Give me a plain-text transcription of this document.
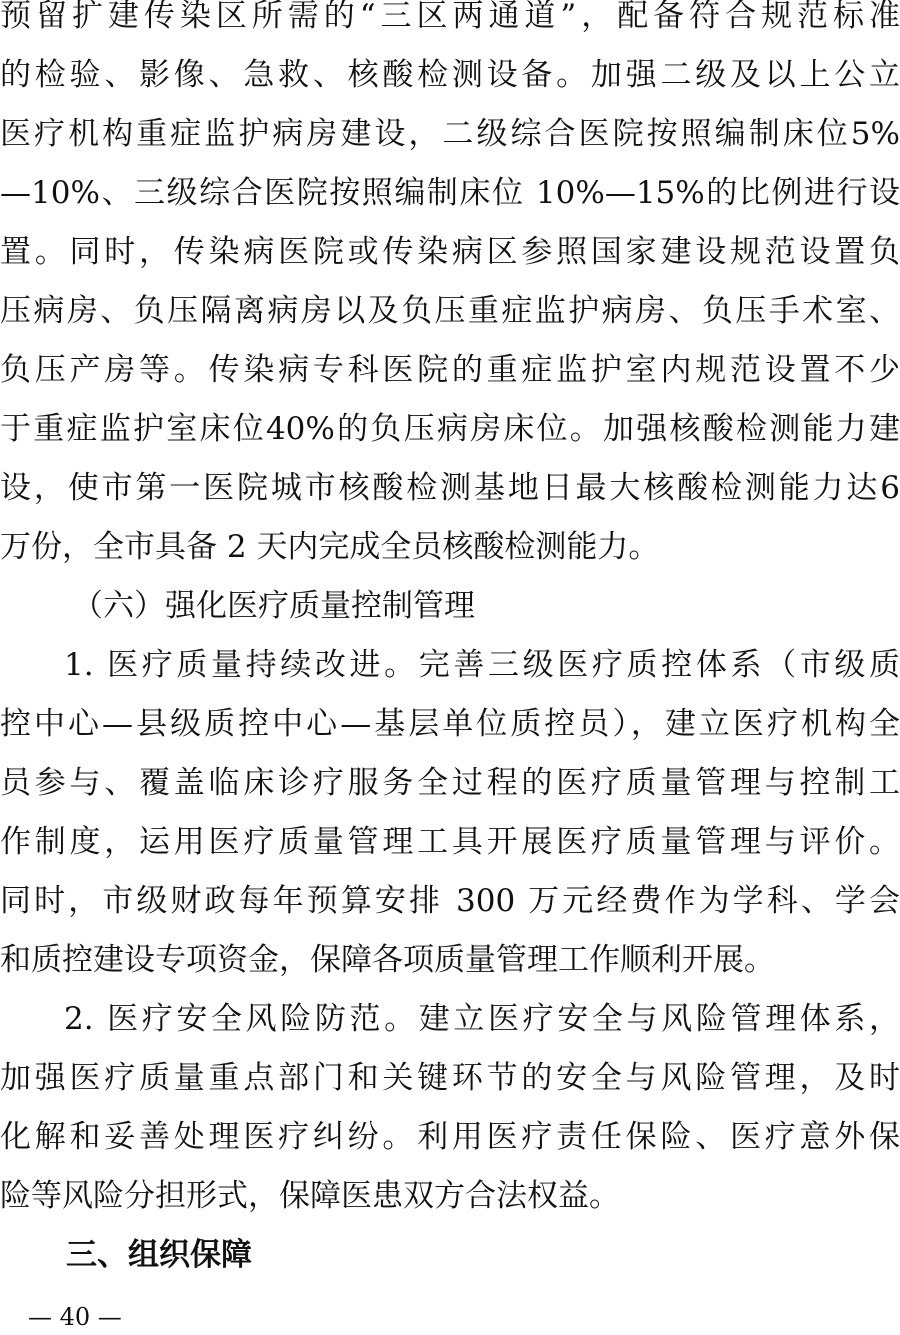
预留扩建传染区所需的“三区两通道”，配备符合规范标准
的检验、影像、急救、核酸检测设备。加强二级及以上公立
医疗机构重症监护病房建设，二级综合医院按照编制床位5%
—10%、三级综合医院按照编制床位 10%—15%的比例进行设
置。同时，传染病医院或传染病区参照国家建设规范设置负
压病房、负压隔离病房以及负压重症监护病房、负压手术室、
负压产房等。传染病专科医院的重症监护室内规范设置不少
于重症监护室床位40%的负压病房床位。加强核酸检测能力建
设，使市第一医院城市核酸检测基地日最大核酸检测能力达6
万份，全市具备 2 天内完成全员核酸检测能力。
（六）强化医疗质量控制管理
1. 医疗质量持续改进。完善三级医疗质控体系（市级质
控中心—县级质控中心—基层单位质控员），建立医疗机构全
员参与、覆盖临床诊疗服务全过程的医疗质量管理与控制工
作制度，运用医疗质量管理工具开展医疗质量管理与评价。
同时，市级财政每年预算安排 300 万元经费作为学科、学会
和质控建设专项资金，保障各项质量管理工作顺利开展。
2. 医疗安全风险防范。建立医疗安全与风险管理体系，
加强医疗质量重点部门和关键环节的安全与风险管理，及时
化解和妥善处理医疗纠纷。利用医疗责任保险、医疗意外保
险等风险分担形式，保障医患双方合法权益。
三、组织保障
— 40 —
